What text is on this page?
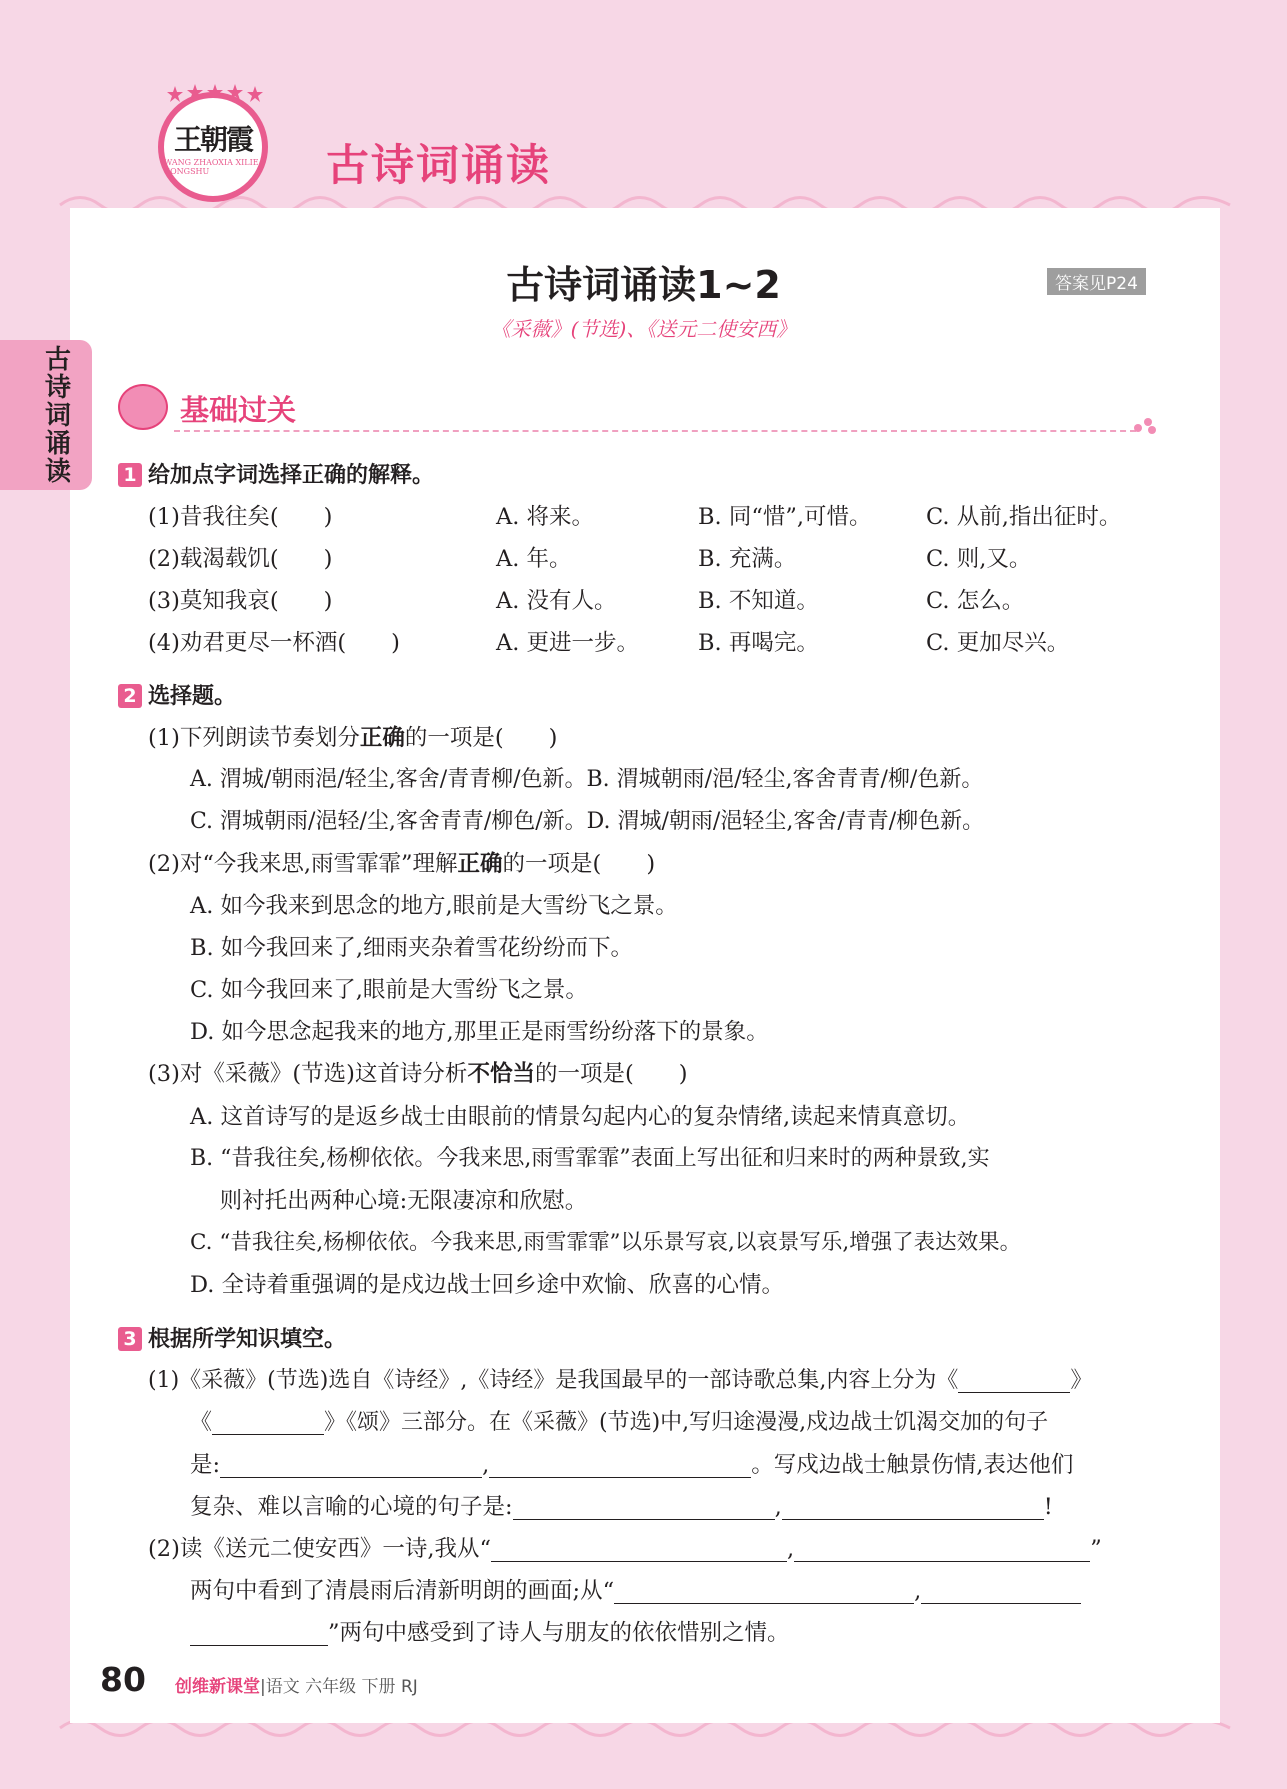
王朝霞
WANG ZHAOXIA XILIE CONGSHU	古诗词诵读
古诗词诵读
古诗词诵读1~2	答案见P24
《采薇》(节选)、《送元二使安西》
基础过关
1 给加点字词选择正确的解释。
(1)昔我往矣(　　)	A. 将来。	B. 同“惜”,可惜。 C. 从前,指出征时。
(2)载渴载饥(　　)	A. 年。	B. 充满。	C. 则,又。
(3)莫知我哀(　　)	A. 没有人。	B. 不知道。	C. 怎么。
(4)劝君更尽一杯酒(　　)	A. 更进一步。	B. 再喝完。	C. 更加尽兴。
2 选择题。
(1)下列朗读节奏划分正确的一项是(　　)
A. 渭城/朝雨浥/轻尘,客舍/青青柳/色新。B. 渭城朝雨/浥/轻尘,客舍青青/柳/色新。
C. 渭城朝雨/浥轻/尘,客舍青青/柳色/新。D. 渭城/朝雨/浥轻尘,客舍/青青/柳色新。
(2)对“今我来思,雨雪霏霏”理解正确的一项是(　　)
A. 如今我来到思念的地方,眼前是大雪纷飞之景。
B. 如今我回来了,细雨夹杂着雪花纷纷而下。
C. 如今我回来了,眼前是大雪纷飞之景。
D. 如今思念起我来的地方,那里正是雨雪纷纷落下的景象。
(3)对《采薇》(节选)这首诗分析不恰当的一项是(　　)
A. 这首诗写的是返乡战士由眼前的情景勾起内心的复杂情绪,读起来情真意切。
B. “昔我往矣,杨柳依依。今我来思,雨雪霏霏”表面上写出征和归来时的两种景致,实
　 则衬托出两种心境:无限凄凉和欣慰。
C. “昔我往矣,杨柳依依。今我来思,雨雪霏霏”以乐景写哀,以哀景写乐,增强了表达效果。
D. 全诗着重强调的是戍边战士回乡途中欢愉、欣喜的心情。
3 根据所学知识填空。
(1)《采薇》(节选)选自《诗经》,《诗经》是我国最早的一部诗歌总集,内容上分为《	》
《	》《颂》三部分。在《采薇》(节选)中,写归途漫漫,戍边战士饥渴交加的句子
是:	,	。写戍边战士触景伤情,表达他们
复杂、难以言喻的心境的句子是:	,	!
(2)读《送元二使安西》一诗,我从“	,	”
两句中看到了清晨雨后清新明朗的画面;从“	,
”两句中感受到了诗人与朋友的依依惜别之情。
80 创维新课堂|语文 六年级 下册 RJ
